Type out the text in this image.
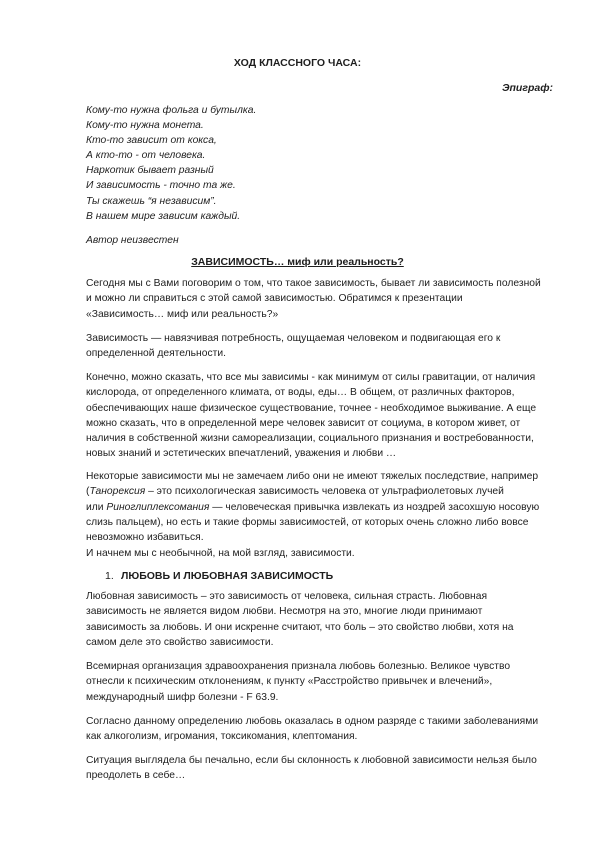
ХОД КЛАССНОГО ЧАСА:

Эпиграф:

Кому-то нужна фольга и бутылка.
Кому-то нужна монета.
Кто-то зависит от кокса,
А кто-то - от человека.
Наркотик бывает разный
И зависимость - точно та же.
Ты скажешь “я независим”.
В нашем мире зависим каждый.

Автор неизвестен

ЗАВИСИМОСТЬ… миф или реальность?

Сегодня мы с Вами поговорим о том, что такое зависимость, бывает ли зависимость полезной
и можно ли справиться с этой самой зависимостью. Обратимся к презентации
«Зависимость… миф или реальность?»
Зависимость — навязчивая потребность, ощущаемая человеком и подвигающая его к
определенной деятельности.
Конечно, можно сказать, что все мы зависимы - как минимум от силы гравитации, от наличия
кислорода, от определенного климата, от воды, еды… В общем, от различных факторов,
обеспечивающих наше физическое существование, точнее - необходимое выживание. А еще
можно сказать, что в определенной мере человек зависит от социума, в котором живет, от
наличия в собственной жизни самореализации, социального признания и востребованности,
новых знаний и эстетических впечатлений, уважения и любви …
Некоторые зависимости мы не замечаем либо они не имеют тяжелых последствие, например
(Танорексия – это психологическая зависимость человека от ультрафиолетовых лучей
или Риноглиплексомания — человеческая привычка извлекать из ноздрей засохшую носовую
слизь пальцем), но есть и такие формы зависимостей, от которых очень сложно либо вовсе
невозможно избавиться.
И начнем мы с необычной, на мой взгляд, зависимости.

1. ЛЮБОВЬ И ЛЮБОВНАЯ ЗАВИСИМОСТЬ

Любовная зависимость – это зависимость от человека, сильная страсть. Любовная
зависимость не является видом любви. Несмотря на это, многие люди принимают
зависимость за любовь. И они искренне считают, что боль – это свойство любви, хотя на
самом деле это свойство зависимости.
Всемирная организация здравоохранения признала любовь болезнью. Великое чувство
отнесли к психическим отклонениям, к пункту «Расстройство привычек и влечений»,
международный шифр болезни - F 63.9.
Согласно данному определению любовь оказалась в одном разряде с такими заболеваниями
как алкоголизм, игромания, токсикомания, клептомания.
Ситуация выглядела бы печально, если бы склонность к любовной зависимости нельзя было
преодолеть в себе…
